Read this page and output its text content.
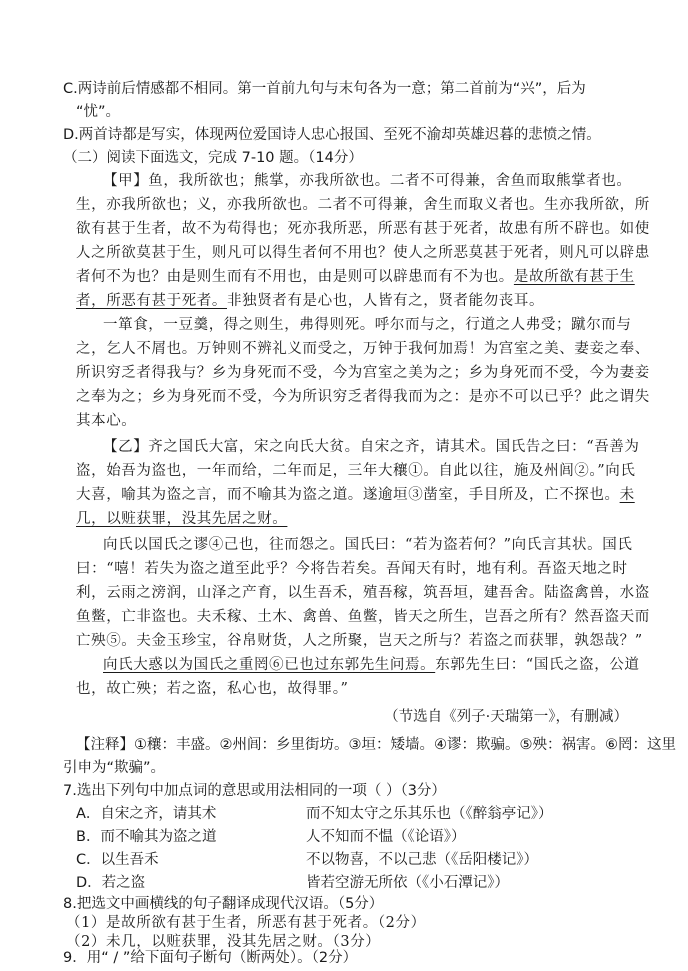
C.两诗前后情感都不相同。第一首前九句与末句各为一意；第二首前为“兴”，后为
“忧”。
D.两首诗都是写实，体现两位爱国诗人忠心报国、至死不渝却英雄迟暮的悲愤之情。
（二）阅读下面选文，完成 7-10 题。（14分）
【甲】鱼，我所欲也；熊掌，亦我所欲也。二者不可得兼，舍鱼而取熊掌者也。
生，亦我所欲也；义，亦我所欲也。二者不可得兼，舍生而取义者也。生亦我所欲，所
欲有甚于生者，故不为苟得也；死亦我所恶，所恶有甚于死者，故患有所不辟也。如使
人之所欲莫甚于生，则凡可以得生者何不用也？使人之所恶莫甚于死者，则凡可以辟患
者何不为也？由是则生而有不用也，由是则可以辟患而有不为也。是故所欲有甚于生
者，所恶有甚于死者。非独贤者有是心也，人皆有之，贤者能勿丧耳。
一箪食，一豆羹，得之则生，弗得则死。呼尔而与之，行道之人弗受；蹴尔而与
之，乞人不屑也。万钟则不辨礼义而受之，万钟于我何加焉！为宫室之美、妻妾之奉、
所识穷乏者得我与？乡为身死而不受，今为宫室之美为之；乡为身死而不受，今为妻妾
之奉为之；乡为身死而不受，今为所识穷乏者得我而为之：是亦不可以已乎？此之谓失
其本心。
【乙】齐之国氏大富，宋之向氏大贫。自宋之齐，请其术。国氏告之曰：“吾善为
盗，始吾为盗也，一年而给，二年而足，三年大穰①。自此以往，施及州闾②。”向氏
大喜，喻其为盗之言，而不喻其为盗之道。遂逾垣③凿室，手目所及，亡不探也。未
几，以赃获罪，没其先居之财。
向氏以国氏之谬④己也，往而怨之。国氏曰：“若为盗若何？”向氏言其状。国氏
曰：“嘻！若失为盗之道至此乎？今将告若矣。吾闻天有时，地有利。吾盗天地之时
利，云雨之滂润，山泽之产育，以生吾禾，殖吾稼，筑吾垣，建吾舍。陆盗禽兽，水盗
鱼鳖，亡非盗也。夫禾稼、土木、禽兽、鱼鳖，皆天之所生，岂吾之所有？然吾盗天而
亡殃⑤。夫金玉珍宝，谷帛财货，人之所聚，岂天之所与？若盗之而获罪，孰怨哉？”
向氏大惑以为国氏之重罔⑥已也过东郭先生问焉。东郭先生曰：“国氏之盗，公道
也，故亡殃；若之盗，私心也，故得罪。”
（节选自《列子·天瑞第一》，有删减）
【注释】①穰：丰盛。②州闾：乡里街坊。③垣：矮墙。④谬：欺骗。⑤殃：祸害。⑥罔：这里
引申为“欺骗”。
7.选出下列句中加点词的意思或用法相同的一项（ ）（3分）
A．自宋之齐，请其术	而不知太守之乐其乐也（《醉翁亭记》）
B．而不喻其为盗之道	人不知而不愠（《论语》）
C．以生吾禾	不以物喜，不以己悲（《岳阳楼记》）
D．若之盗	皆若空游无所依（《小石潭记》）
8.把选文中画横线的句子翻译成现代汉语。（5分）
（1）是故所欲有甚于生者，所恶有甚于死者。（2分）
（2）未几，以赃获罪，没其先居之财。（3分）
9．用“ / ”给下面句子断句（断两处）。（2分）
